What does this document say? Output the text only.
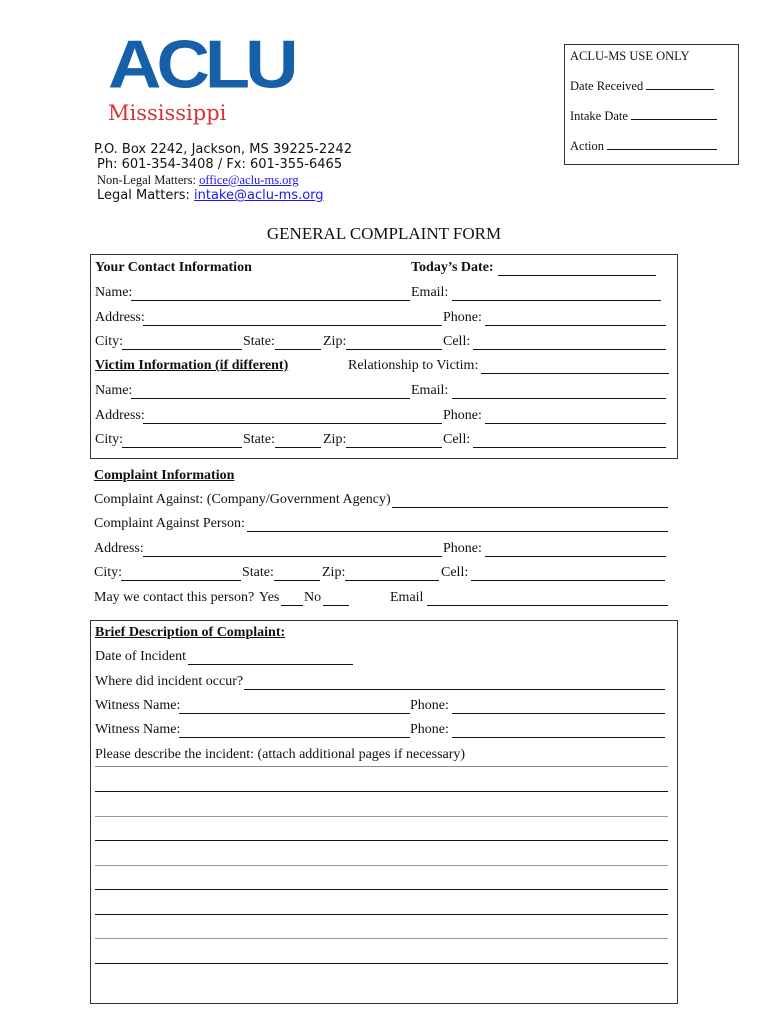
ACLU
Mississippi
P.O. Box 2242, Jackson, MS 39225-2242
Ph: 601-354-3408 / Fx: 601-355-6465
Non-Legal Matters: office@aclu-ms.org
Legal Matters: intake@aclu-ms.org
ACLU-MS USE ONLY
Date Received
Intake Date
Action
GENERAL COMPLAINT FORM
Your Contact Information	Today’s Date:
Name:	Email:
Address:	Phone:
City:	State:	Zip:	Cell:
Victim Information (if different)	Relationship to Victim:
Name:	Email:
Address:	Phone:
City:	State:	Zip:	Cell:
Complaint Information
Complaint Against: (Company/Government Agency)
Complaint Against Person:
Address:	Phone:
City:	State:	Zip:	Cell:
May we contact this person? Yes No	Email
Brief Description of Complaint:
Date of Incident
Where did incident occur?
Witness Name:	Phone:
Witness Name:	Phone:
Please describe the incident: (attach additional pages if necessary)
